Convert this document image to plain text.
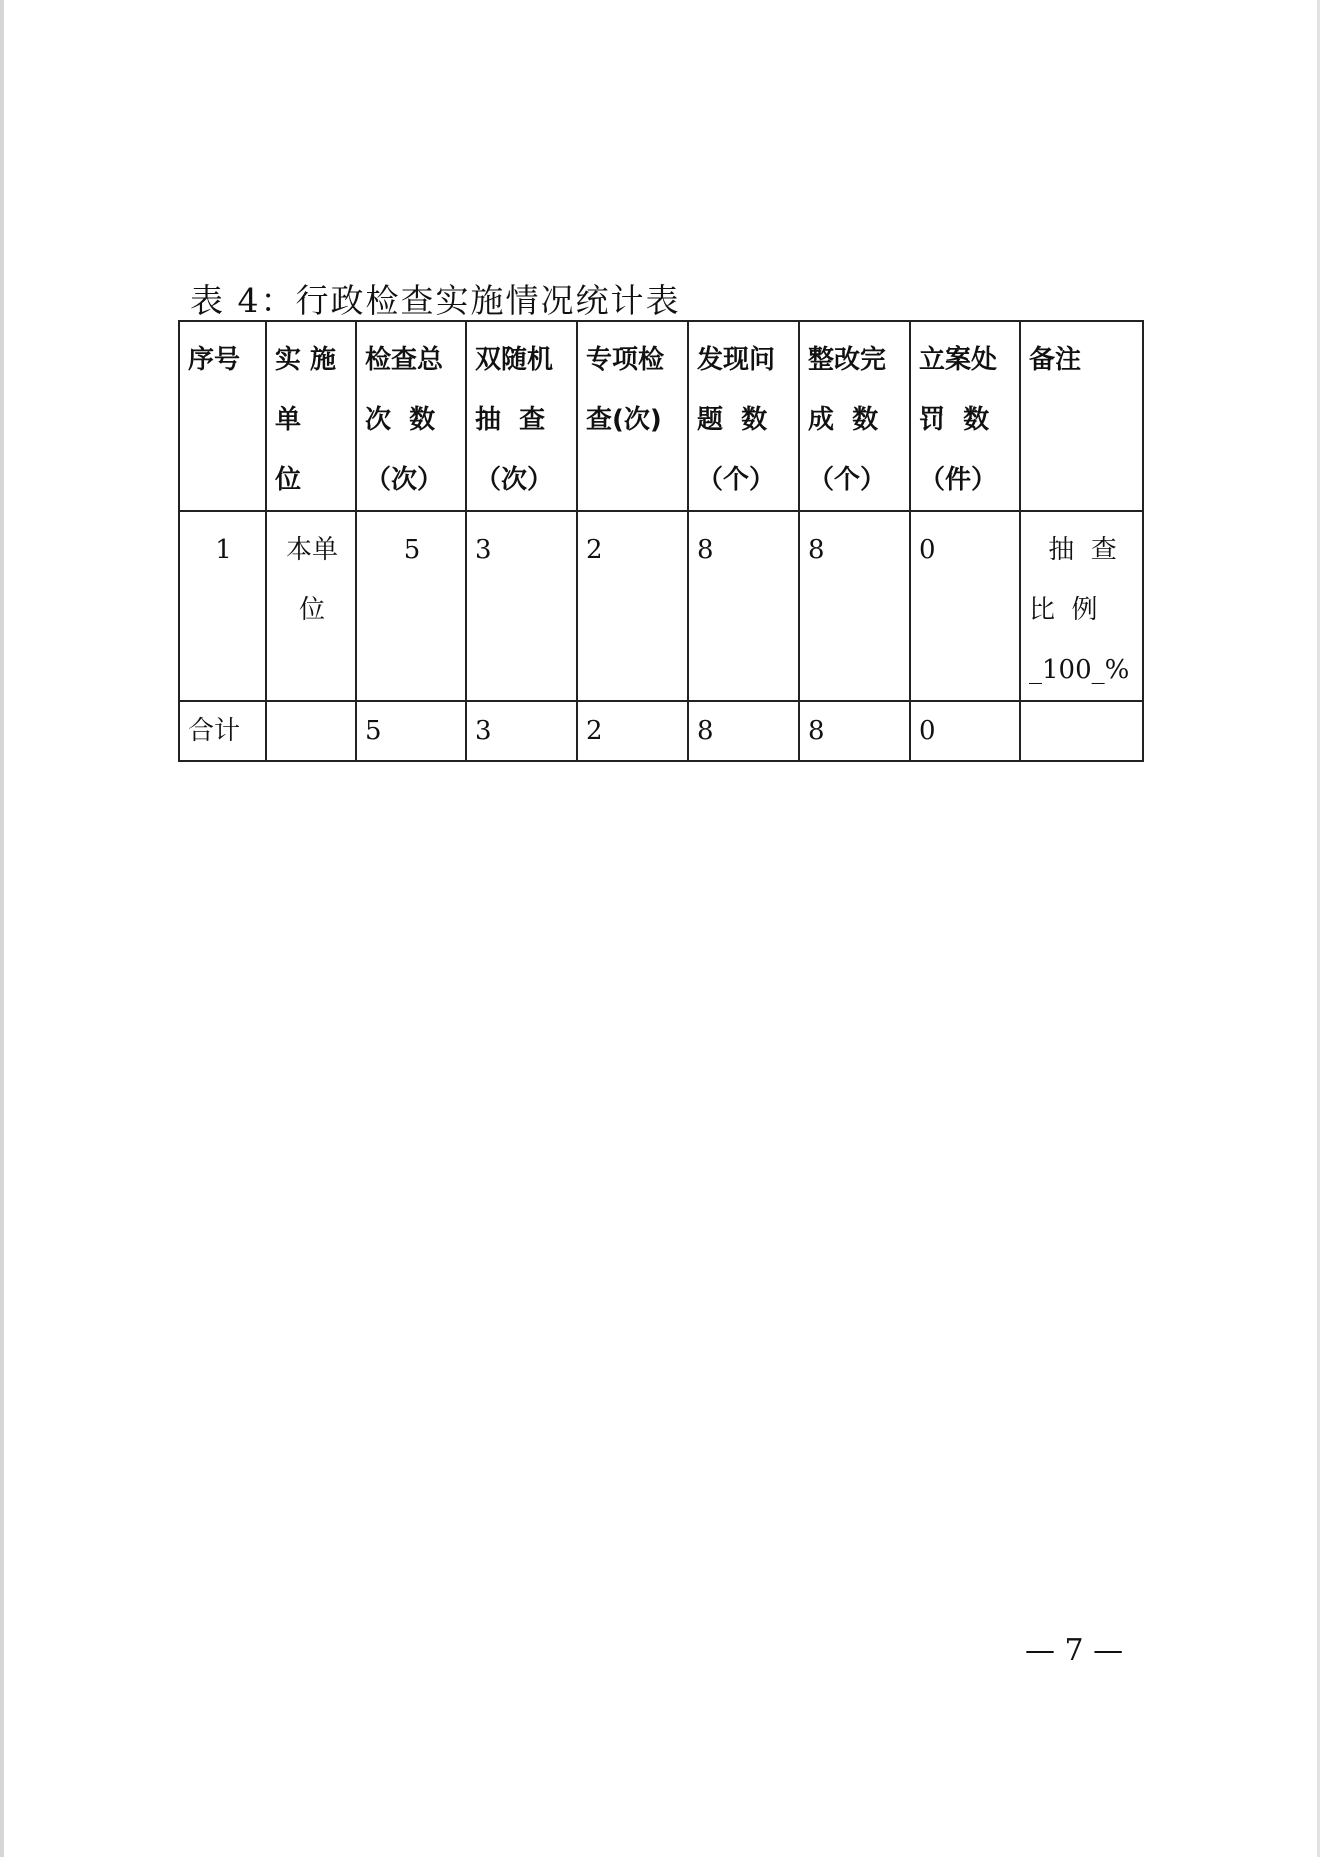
表 4：行政检查实施情况统计表
序号	实 施
单
位	检查总
次  数
（次）	双随机
抽  查
（次）	专项检
查(次)	发现问
题  数
（个）	整改完
成  数
（个）	立案处
罚  数
（件）	备注

1	本单
位	5	3	2	8	8	0	抽  查
比  例
_100_%

合计		5	3	2	8	8	0	
— 7 —
